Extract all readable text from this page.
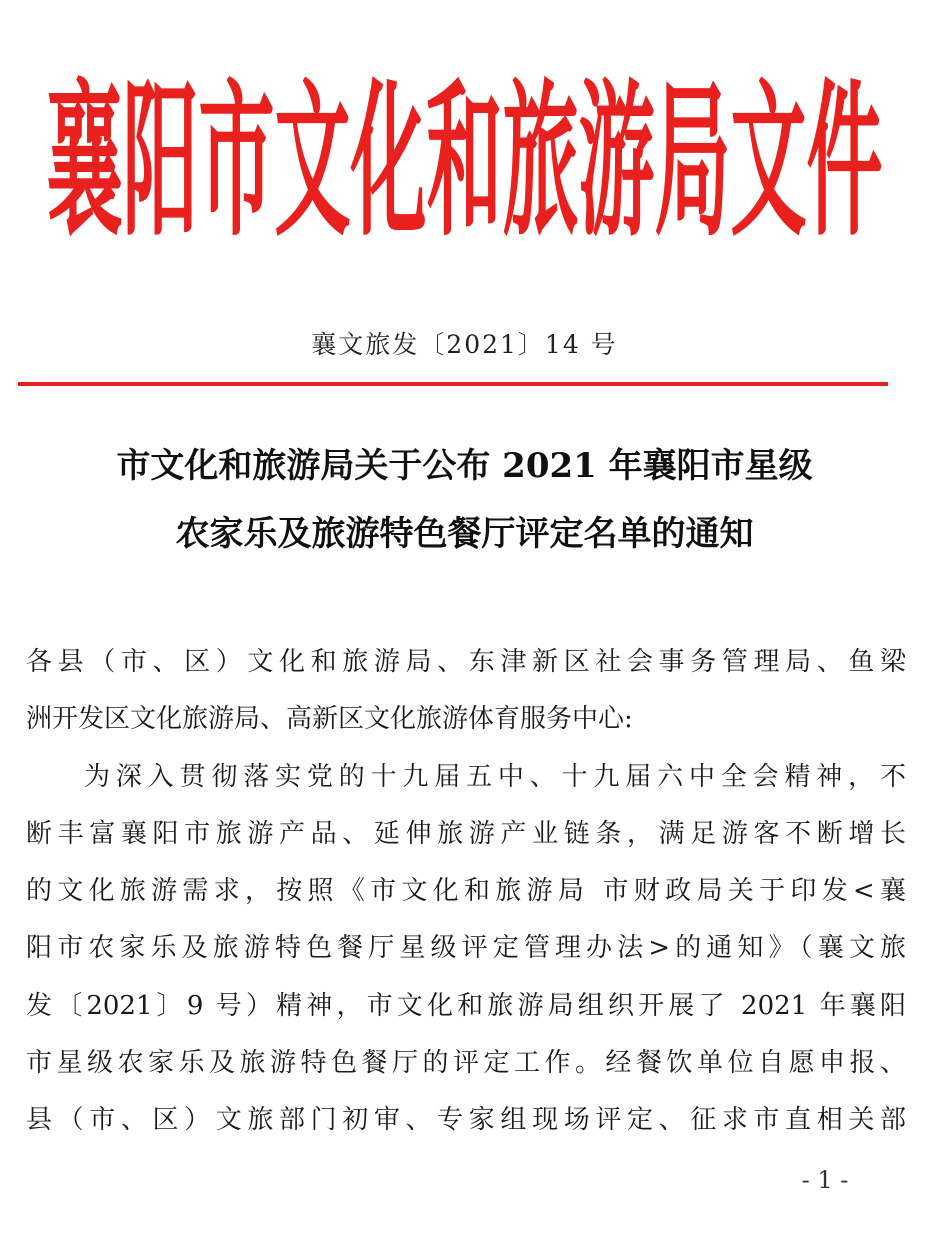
襄阳市文化和旅游局文件
襄文旅发〔2021〕14 号
市文化和旅游局关于公布 2021 年襄阳市星级
农家乐及旅游特色餐厅评定名单的通知
各县（市、区）文化和旅游局、东津新区社会事务管理局、鱼梁
洲开发区文化旅游局、高新区文化旅游体育服务中心:
为深入贯彻落实党的十九届五中、十九届六中全会精神，不
断丰富襄阳市旅游产品、延伸旅游产业链条，满足游客不断增长
的文化旅游需求，按照《市文化和旅游局 市财政局关于印发<襄
阳市农家乐及旅游特色餐厅星级评定管理办法>的通知》（襄文旅
发〔2021〕9 号）精神，市文化和旅游局组织开展了 2021 年襄阳
市星级农家乐及旅游特色餐厅的评定工作。经餐饮单位自愿申报、
县（市、区）文旅部门初审、专家组现场评定、征求市直相关部
- 1 -
